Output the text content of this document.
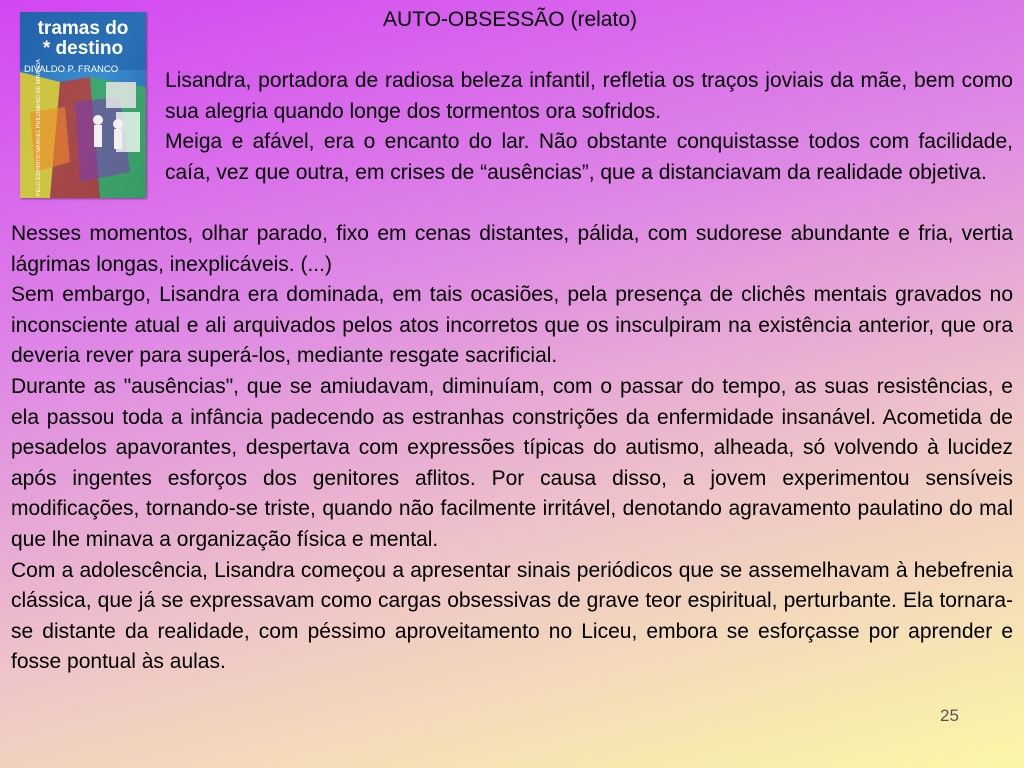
tramas do
* destino
DIVALDO P. FRANCO
PELO ESPÍRITO MANOEL PHILOMENO DE MIRANDA
AUTO-OBSESSÃO (relato)

Lisandra, portadora de radiosa beleza infantil, refletia os traços joviais da mãe, bem como sua alegria quando longe dos tormentos ora sofridos.

Meiga e afável, era o encanto do lar. Não obstante conquistasse todos com facilidade, caía, vez que outra, em crises de “ausências”, que a distanciavam da realidade objetiva.

Nesses momentos, olhar parado, fixo em cenas distantes, pálida, com sudorese abundante e fria, vertia lágrimas longas, inexplicáveis. (...)

Sem embargo, Lisandra era dominada, em tais ocasiões, pela presença de clichês mentais gravados no inconsciente atual e ali arquivados pelos atos incorretos que os insculpiram na existência anterior, que ora deveria rever para superá-los, mediante resgate sacrificial.

Durante as "ausências", que se amiudavam, diminuíam, com o passar do tempo, as suas resistências, e ela passou toda a infância padecendo as estranhas constrições da enfermidade insanável. Acometida de pesadelos apavorantes, despertava com expressões típicas do autismo, alheada, só volvendo à lucidez após ingentes esforços dos genitores aflitos. Por causa disso, a jovem experimentou sensíveis modificações, tornando-se triste, quando não facilmente irritável, denotando agravamento paulatino do mal que lhe minava a organização física e mental.

Com a adolescência, Lisandra começou a apresentar sinais periódicos que se assemelhavam à hebefrenia clássica, que já se expressavam como cargas obsessivas de grave teor espiritual, perturbante. Ela tornara-se distante da realidade, com péssimo aproveitamento no Liceu, embora se esforçasse por aprender e fosse pontual às aulas.

25
